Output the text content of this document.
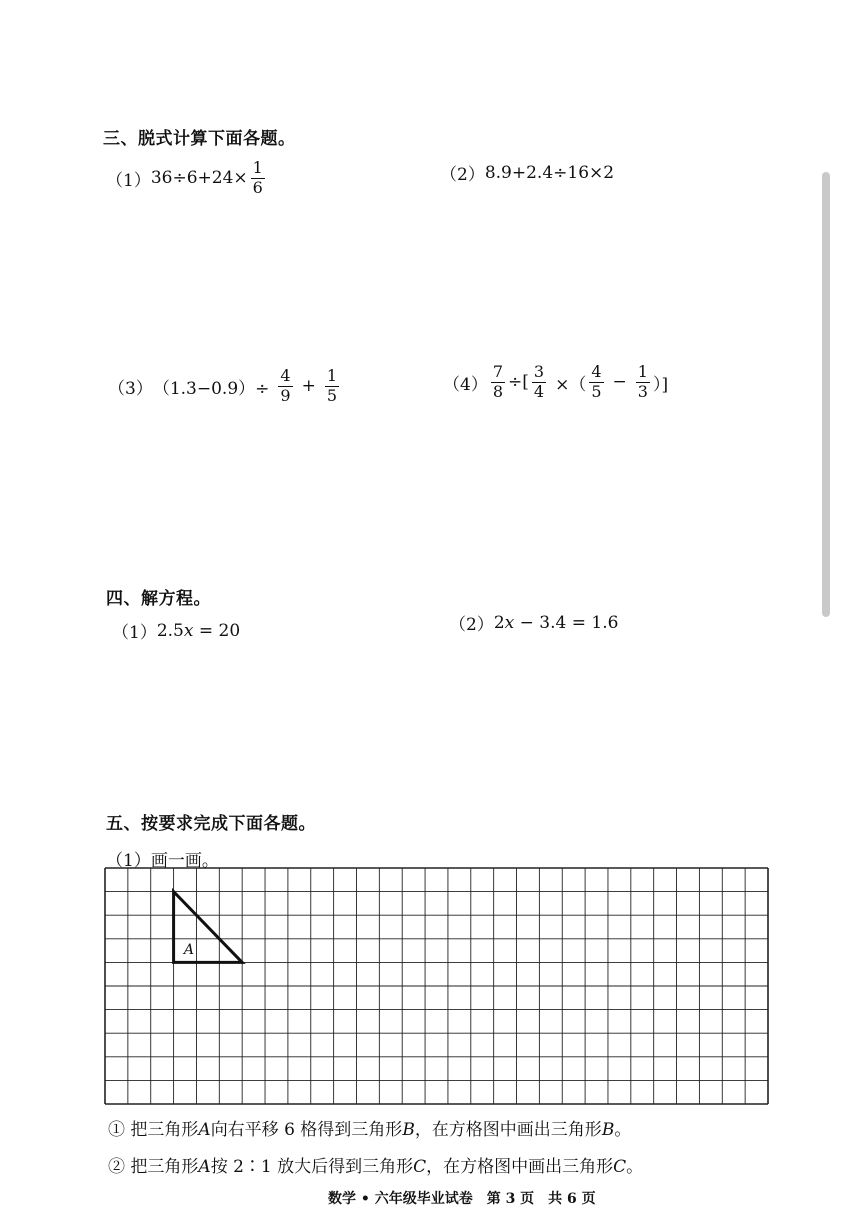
三、脱式计算下面各题。
（1） $36\div 6+24\times \frac{1}{6}$	（2） 8.9+2.4÷16×2
（3） $(1.3-0.9)\div \frac{4}{9} + \frac{1}{5}$	$(4) \frac{7}{8}$ ÷[ $\frac{3}{4}$ ×（ $\frac{4}{5} - \frac{1}{3}$ ）]
四、解方程。
（1） 2.5 x = 20	（2） 2 x − 3.4 = 1.6
五、按要求完成下面各题。
（1）画一画。
A
① 把三角形A向右平移 6 格得到三角形B，在方格图中画出三角形B。
② 把三角形A按 2∶1 放大后得到三角形C，在方格图中画出三角形C。
数学 • 六年级毕业试卷　第 3 页　共 6 页
